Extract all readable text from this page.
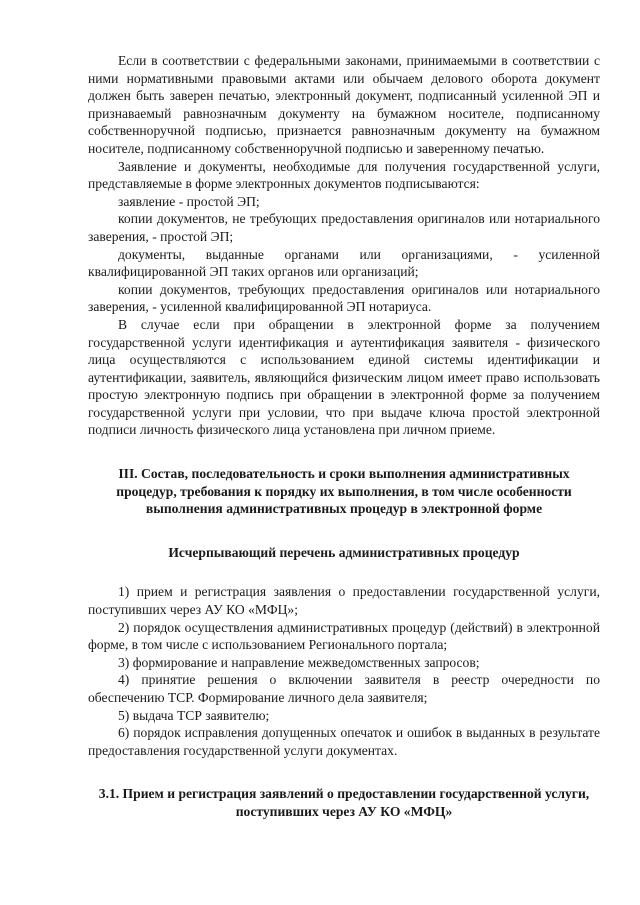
Если в соответствии с федеральными законами, принимаемыми в соответствии с ними нормативными правовыми актами или обычаем делового оборота документ должен быть заверен печатью, электронный документ, подписанный усиленной ЭП и признаваемый равнозначным документу на бумажном носителе, подписанному собственноручной подписью, признается равнозначным документу на бумажном носителе, подписанному собственноручной подписью и заверенному печатью.

Заявление и документы, необходимые для получения государственной услуги, представляемые в форме электронных документов подписываются:

заявление - простой ЭП;

копии документов, не требующих предоставления оригиналов или нотариального заверения, - простой ЭП;

документы, выданные органами или организациями, - усиленной квалифицированной ЭП таких органов или организаций;

копии документов, требующих предоставления оригиналов или нотариального заверения, - усиленной квалифицированной ЭП нотариуса.

В случае если при обращении в электронной форме за получением государственной услуги идентификация и аутентификация заявителя - физического лица осуществляются с использованием единой системы идентификации и аутентификации, заявитель, являющийся физическим лицом имеет право использовать простую электронную подпись при обращении в электронной форме за получением государственной услуги при условии, что при выдаче ключа простой электронной подписи личность физического лица установлена при личном приеме.

III. Состав, последовательность и сроки выполнения административных процедур, требования к порядку их выполнения, в том числе особенности выполнения административных процедур в электронной форме

Исчерпывающий перечень административных процедур

1) прием и регистрация заявления о предоставлении государственной услуги, поступивших через АУ КО «МФЦ»;

2) порядок осуществления административных процедур (действий) в электронной форме, в том числе с использованием Регионального портала;

3) формирование и направление межведомственных запросов;

4) принятие решения о включении заявителя в реестр очередности по обеспечению ТСР. Формирование личного дела заявителя;

5) выдача ТСР заявителю;

6) порядок исправления допущенных опечаток и ошибок в выданных в результате предоставления государственной услуги документах.

3.1. Прием и регистрация заявлений о предоставлении государственной услуги, поступивших через АУ КО «МФЦ»
